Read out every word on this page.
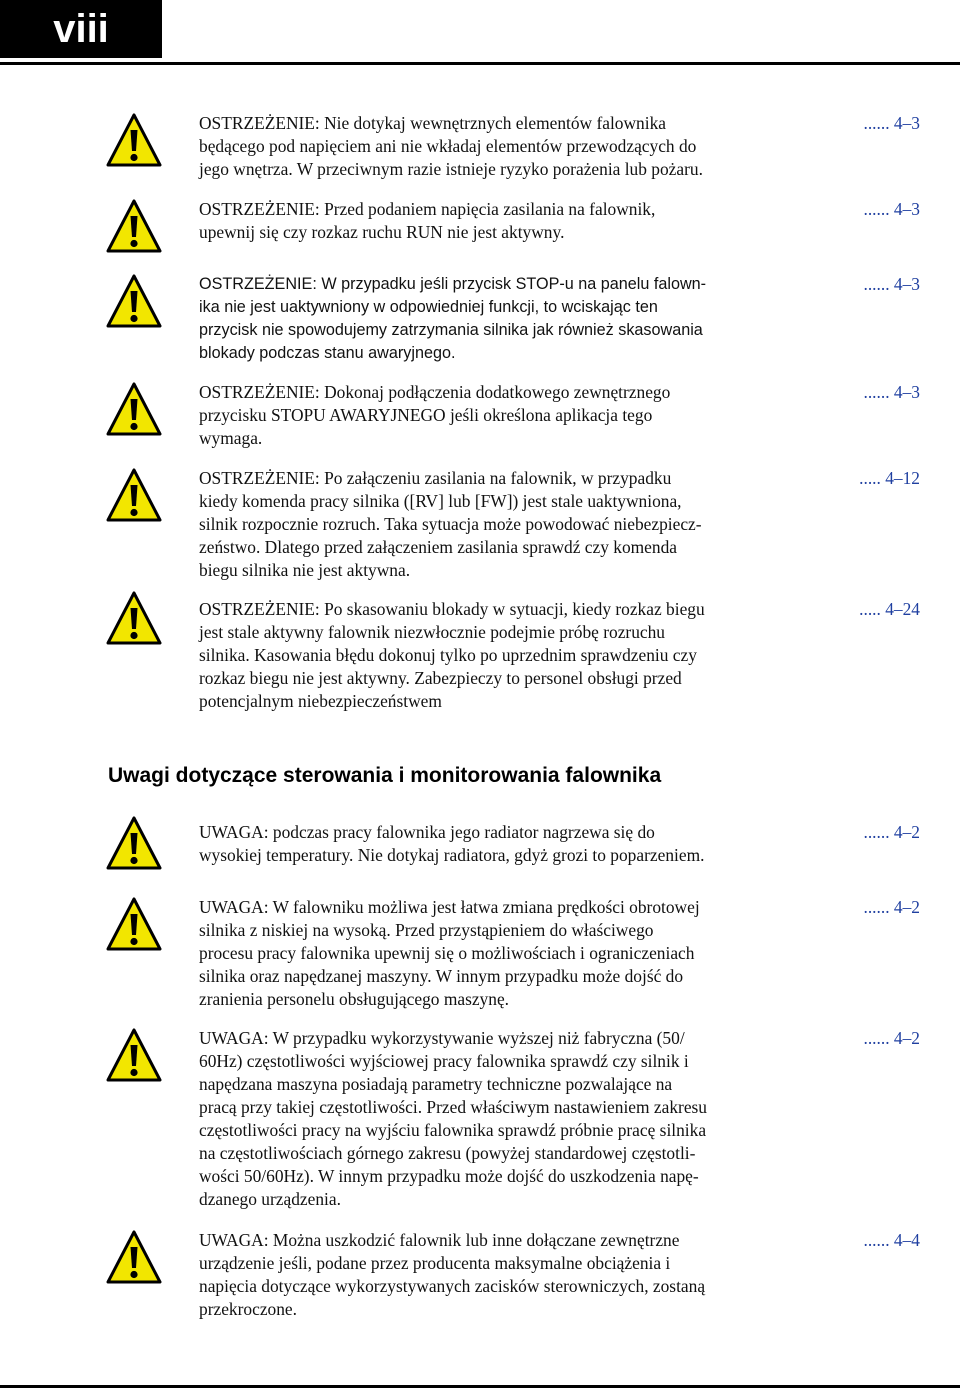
viii

OSTRZEŻENIE: Nie dotykaj wewnętrznych elementów falownika
będącego pod napięciem ani nie wkładaj elementów przewodzących do
jego wnętrza. W przeciwnym razie istnieje ryzyko porażenia lub pożaru.

...... 4–3

OSTRZEŻENIE: Przed podaniem napięcia zasilania na falownik,
upewnij się czy rozkaz ruchu RUN nie jest aktywny.

...... 4–3

OSTRZEŻENIE: W przypadku jeśli przycisk STOP-u na panelu falown-
ika nie jest uaktywniony w odpowiedniej funkcji, to wciskając ten
przycisk nie spowodujemy zatrzymania silnika jak również skasowania
blokady podczas stanu awaryjnego.

...... 4–3

OSTRZEŻENIE: Dokonaj podłączenia dodatkowego zewnętrznego
przycisku STOPU AWARYJNEGO jeśli określona aplikacja tego
wymaga.

...... 4–3

OSTRZEŻENIE: Po załączeniu zasilania na falownik, w przypadku
kiedy komenda pracy silnika ([RV] lub [FW]) jest stale uaktywniona,
silnik rozpocznie rozruch. Taka sytuacja może powodować niebezpiecz-
zeństwo. Dlatego przed załączeniem zasilania sprawdź czy komenda
biegu silnika nie jest aktywna.

..... 4–12

OSTRZEŻENIE: Po skasowaniu blokady w sytuacji, kiedy rozkaz biegu
jest stale aktywny falownik niezwłocznie podejmie próbę rozruchu
silnika. Kasowania błędu dokonuj tylko po uprzednim sprawdzeniu czy
rozkaz biegu nie jest aktywny. Zabezpieczy to personel obsługi przed
potencjalnym niebezpieczeństwem

..... 4–24
Uwagi dotyczące sterowania i monitorowania falownika

UWAGA: podczas pracy falownika jego radiator nagrzewa się do
wysokiej temperatury. Nie dotykaj radiatora, gdyż grozi to poparzeniem.

...... 4–2

UWAGA: W falowniku możliwa jest łatwa zmiana prędkości obrotowej
silnika z niskiej na wysoką. Przed przystąpieniem do właściwego
procesu pracy falownika upewnij się o możliwościach i ograniczeniach
silnika oraz napędzanej maszyny. W innym przypadku może dojść do
zranienia personelu obsługującego maszynę.

...... 4–2

UWAGA: W przypadku wykorzystywanie wyższej niż fabryczna (50/
60Hz) częstotliwości wyjściowej pracy falownika sprawdź czy silnik i
napędzana maszyna posiadają parametry techniczne pozwalające na
pracą przy takiej częstotliwości. Przed właściwym nastawieniem zakresu
częstotliwości pracy na wyjściu falownika sprawdź próbnie pracę silnika
na częstotliwościach górnego zakresu (powyżej standardowej częstotli-
wości 50/60Hz). W innym przypadku może dojść do uszkodzenia napę-
dzanego urządzenia.

...... 4–2

UWAGA: Można uszkodzić falownik lub inne dołączane zewnętrzne
urządzenie jeśli, podane przez producenta maksymalne obciążenia i
napięcia dotyczące wykorzystywanych zacisków sterowniczych, zostaną
przekroczone.

...... 4–4
